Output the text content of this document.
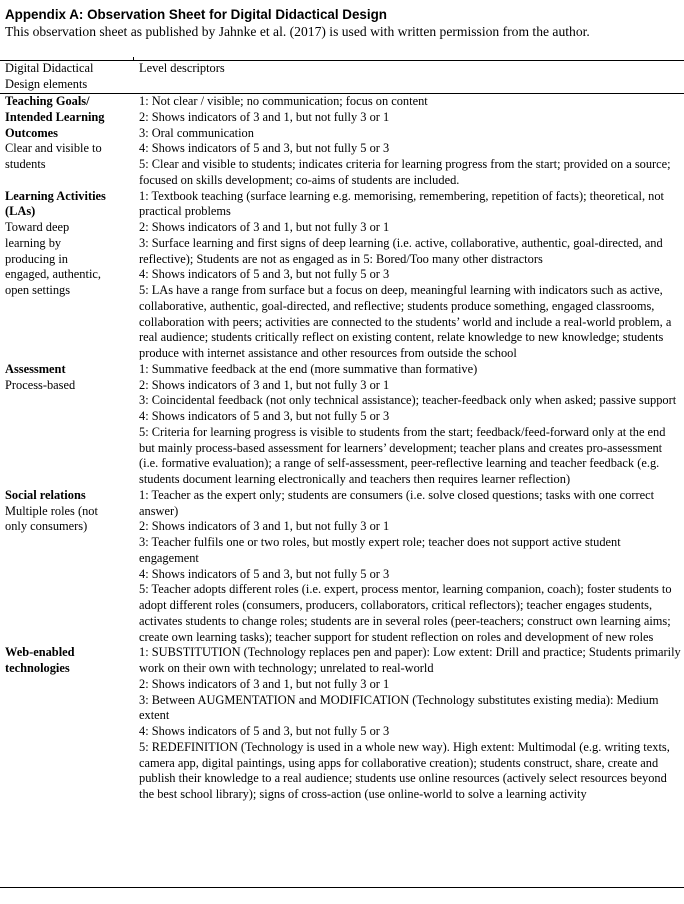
Appendix A: Observation Sheet for Digital Didactical Design
This observation sheet as published by Jahnke et al. (2017) is used with written permission from the author.
Digital Didactical
Design elements	Level descriptors

Teaching Goals/
Intended Learning
Outcomes
Clear and visible to
students

1: Not clear / visible; no communication; focus on content
2: Shows indicators of 3 and 1, but not fully 3 or 1
3: Oral communication
4: Shows indicators of 5 and 3, but not fully 5 or 3
5: Clear and visible to students; indicates criteria for learning progress from the start; provided on a source; focused on skills development; co-aims of students are included.

Learning Activities
(LAs)
Toward deep
learning by
producing in
engaged, authentic,
open settings

1: Textbook teaching (surface learning e.g. memorising, remembering, repetition of facts); theoretical, not practical problems
2: Shows indicators of 3 and 1, but not fully 3 or 1
3: Surface learning and first signs of deep learning (i.e. active, collaborative, authentic, goal-directed, and reflective); Students are not as engaged as in 5: Bored/Too many other distractors
4: Shows indicators of 5 and 3, but not fully 5 or 3
5: LAs have a range from surface but a focus on deep, meaningful learning with indicators such as active, collaborative, authentic, goal-directed, and reflective; students produce something, engaged classrooms, collaboration with peers; activities are connected to the students’ world and include a real-world problem, a real audience; students critically reflect on existing content, relate knowledge to new knowledge; students produce with internet assistance and other resources from outside the school

Assessment
Process-based	1: Summative feedback at the end (more summative than formative)
2: Shows indicators of 3 and 1, but not fully 3 or 1
3: Coincidental feedback (not only technical assistance); teacher-feedback only when asked; passive support
4: Shows indicators of 5 and 3, but not fully 5 or 3
5: Criteria for learning progress is visible to students from the start; feedback/feed-forward only at the end but mainly process-based assessment for learners’ development; teacher plans and creates pro-assessment (i.e. formative evaluation); a range of self-assessment, peer-reflective learning and teacher feedback (e.g. students document learning electronically and teachers then requires learner reflection)

Social relations
Multiple roles (not
only consumers)

1: Teacher as the expert only; students are consumers (i.e. solve closed questions; tasks with one correct answer)
2: Shows indicators of 3 and 1, but not fully 3 or 1
3: Teacher fulfils one or two roles, but mostly expert role; teacher does not support active student engagement
4: Shows indicators of 5 and 3, but not fully 5 or 3
5: Teacher adopts different roles (i.e. expert, process mentor, learning companion, coach); foster students to adopt different roles (consumers, producers, collaborators, critical reflectors); teacher engages students, activates students to change roles; students are in several roles (peer-teachers; construct own learning aims; create own learning tasks); teacher support for student reflection on roles and development of new roles

Web-enabled
technologies	1: SUBSTITUTION (Technology replaces pen and paper): Low extent: Drill and practice; Students primarily work on their own with technology; unrelated to real-world
2: Shows indicators of 3 and 1, but not fully 3 or 1
3: Between AUGMENTATION and MODIFICATION (Technology substitutes existing media): Medium extent
4: Shows indicators of 5 and 3, but not fully 5 or 3
5: REDEFINITION (Technology is used in a whole new way). High extent: Multimodal (e.g. writing texts, camera app, digital paintings, using apps for collaborative creation); students construct, share, create and publish their knowledge to a real audience; students use online resources (actively select resources beyond the best school library); signs of cross-action (use online-world to solve a learning activity
